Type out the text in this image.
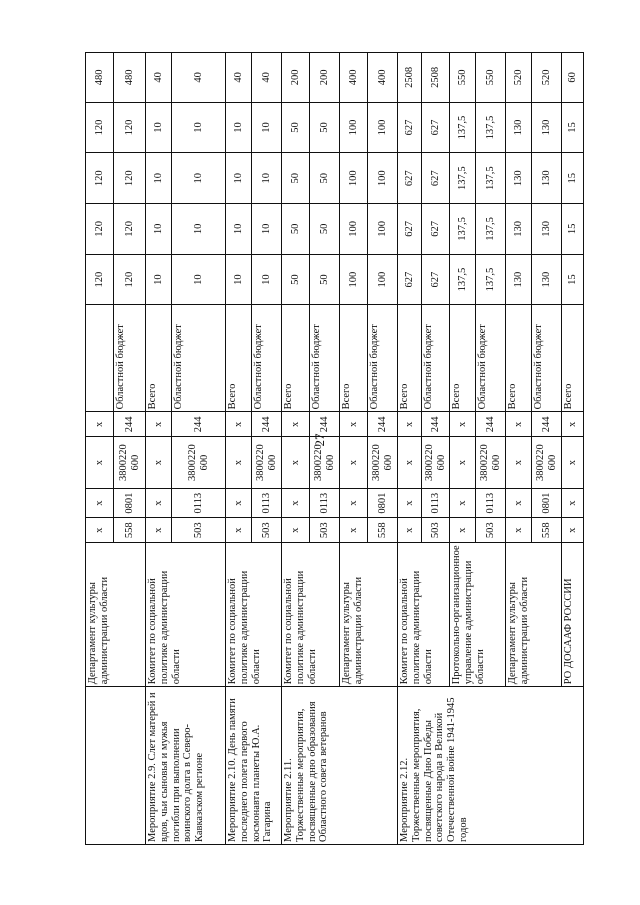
27
	Департамент культуры администрации области	x	x	x	x		120	120	120	120	480
		558	0801	3800220 600	244	Областной бюджет	120	120	120	120	480
Мероприятие 2.9. Слет матерей и вдов, чьи сыновья и мужья погибли при выполнении воинского долга в Северо-Кавказском регионе	Комитет по социальной политике администрации области	x	x	x	x	Всего	10	10	10	10	40
		503	0113	3800220 600	244	Областной бюджет	10	10	10	10	40
Мероприятие 2.10. День памяти последнего полета первого космонавта планеты Ю.А. Гагарина	Комитет по социальной политике администрации области	x	x	x	x	Всего	10	10	10	10	40
		503	0113	3800220 600	244	Областной бюджет	10	10	10	10	40
Мероприятие 2.11. Торжественные мероприятия, посвященные дню образования Областного совета ветеранов	Комитет по социальной политике администрации области	x	x	x	x	Всего	50	50	50	50	200
		503	0113	3800220 600	244	Областной бюджет	50	50	50	50	200
	Департамент культуры администрации области	x	x	x	x	Всего	100	100	100	100	400
		558	0801	3800220 600	244	Областной бюджет	100	100	100	100	400
Мероприятие 2.12. Торжественные мероприятия, посвященные Дню Победы советского народа в Великой Отечественной войне 1941-1945 годов	Комитет по социальной политике администрации области	x	x	x	x	Всего	627	627	627	627	2508
		503	0113	3800220 600	244	Областной бюджет	627	627	627	627	2508
	Протокольно-организационное управление администрации области	x	x	x	x	Всего	137,5	137,5	137,5	137,5	550
		503	0113	3800220 600	244	Областной бюджет	137,5	137,5	137,5	137,5	550
	Департамент культуры администрации области	x	x	x	x	Всего	130	130	130	130	520
		558	0801	3800220 600	244	Областной бюджет	130	130	130	130	520
	РО ДОСААФ РОССИИ	x	x	x	x	Всего	15	15	15	15	60
